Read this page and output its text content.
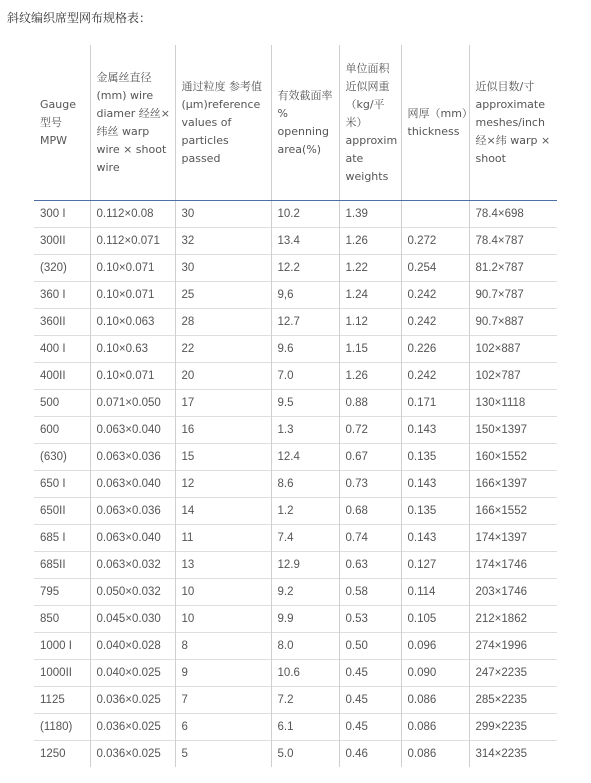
斜纹编织席型网布规格表：
Gauge 型号 MPW	金属丝直径(mm) wire diamer 经丝×纬丝 warp wire × shoot wire	通过粒度 参考值(μm)reference values of particles passed	有效截面率 % openning area(%)	单位面积 近似网重（kg/平米）approximate weights	网厚（mm）thickness	近似目数/寸 approximate meshes/inch 经×纬 warp × shoot
300 I	0.112×0.08	30	10.2	1.39		78.4×698
300II	0.112×0.071	32	13.4	1.26	0.272	78.4×787
(320)	0.10×0.071	30	12.2	1.22	0.254	81.2×787
360 I	0.10×0.071	25	9,6	1.24	0.242	90.7×787
360II	0.10×0.063	28	12.7	1.12	0.242	90.7×887
400 I	0.10×0.63	22	9.6	1.15	0.226	102×887
400II	0.10×0.071	20	7.0	1.26	0.242	102×787
500	0.071×0.050	17	9.5	0.88	0.171	130×1118
600	0.063×0.040	16	1.3	0.72	0.143	150×1397
(630)	0.063×0.036	15	12.4	0.67	0.135	160×1552
650 I	0.063×0.040	12	8.6	0.73	0.143	166×1397
650II	0.063×0.036	14	1.2	0.68	0.135	166×1552
685 I	0.063×0.040	11	7.4	0.74	0.143	174×1397
685II	0.063×0.032	13	12.9	0.63	0.127	174×1746
795	0.050×0.032	10	9.2	0.58	0.114	203×1746
850	0.045×0.030	10	9.9	0.53	0.105	212×1862
1000 I	0.040×0.028	8	8.0	0.50	0.096	274×1996
1000II	0.040×0.025	9	10.6	0.45	0.090	247×2235
1125	0.036×0.025	7	7.2	0.45	0.086	285×2235
(1180)	0.036×0.025	6	6.1	0.45	0.086	299×2235
1250	0.036×0.025	5	5.0	0.46	0.086	314×2235
